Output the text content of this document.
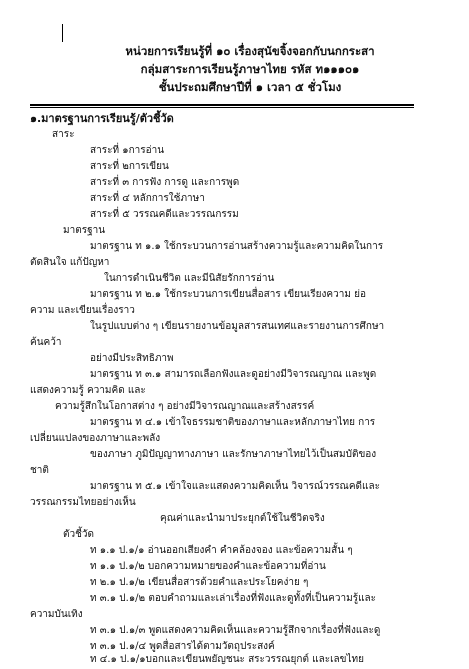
หน่วยการเรียนรู้ที่ ๑๐ เรื่องสุนัขจิ้งจอกกับนกกระสา
กลุ่มสาระการเรียนรู้ภาษาไทย รหัส ท๑๑๑๐๑
ชั้นประถมศึกษาปีที่ ๑ เวลา ๕ ชั่วโมง
๑.มาตรฐานการเรียนรู้/ตัวชี้วัด
สาระ
สาระที่ ๑การอ่าน
สาระที่ ๒การเขียน
สาระที่ ๓ การฟัง การดู และการพูด
สาระที่ ๔ หลักการใช้ภาษา
สาระที่ ๕ วรรณคดีและวรรณกรรม
มาตรฐาน
มาตรฐาน ท ๑.๑ ใช้กระบวนการอ่านสร้างความรู้และความคิดในการ
ตัดสินใจ แก้ปัญหา
ในการดำเนินชีวิต และมีนิสัยรักการอ่าน
มาตรฐาน ท ๒.๑ ใช้กระบวนการเขียนสื่อสาร เขียนเรียงความ ย่อ
ความ และเขียนเรื่องราว
ในรูปแบบต่าง ๆ เขียนรายงานข้อมูลสารสนเทศและรายงานการศึกษา
ค้นคว้า
อย่างมีประสิทธิภาพ
มาตรฐาน ท ๓.๑ สามารถเลือกฟังและดูอย่างมีวิจารณญาณ และพูด
แสดงความรู้ ความคิด และ
ความรู้สึกในโอกาสต่าง ๆ อย่างมีวิจารณญาณและสร้างสรรค์
มาตรฐาน ท ๔.๑ เข้าใจธรรมชาติของภาษาและหลักภาษาไทย การ
เปลี่ยนแปลงของภาษาและพลัง
ของภาษา ภูมิปัญญาทางภาษา และรักษาภาษาไทยไว้เป็นสมบัติของ
ชาติ
มาตรฐาน ท ๕.๑ เข้าใจและแสดงความคิดเห็น วิจารณ์วรรณคดีและ
วรรณกรรมไทยอย่างเห็น
คุณค่าและนำมาประยุกต์ใช้ในชีวิตจริง
ตัวชี้วัด
ท ๑.๑ ป.๑/๑ อ่านออกเสียงคำ คำคล้องจอง และข้อความสั้น ๆ
ท ๑.๑ ป.๑/๒ บอกความหมายของคำและข้อความที่อ่าน
ท ๒.๑ ป.๑/๒ เขียนสื่อสารด้วยคำและประโยคง่าย ๆ
ท ๓.๑ ป.๑/๒ ตอบคำถามและเล่าเรื่องที่ฟังและดูทั้งที่เป็นความรู้และ
ความบันเทิง
ท ๓.๑ ป.๑/๓ พูดแสดงความคิดเห็นและความรู้สึกจากเรื่องที่ฟังและดู
ท ๓.๑ ป.๑/๔ พูดสื่อสารได้ตามวัตถุประสงค์
ท ๔.๑ ป.๑/๑บอกและเขียนพยัญชนะ สระวรรณยุกต์ และเลขไทย
